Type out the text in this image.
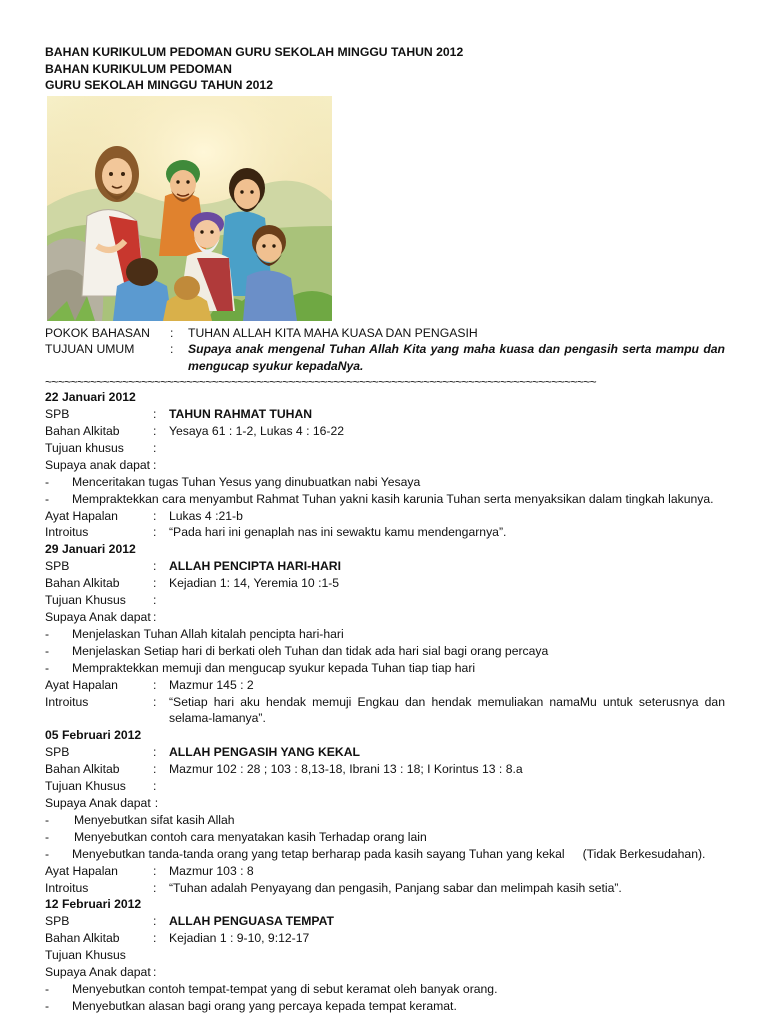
BAHAN KURIKULUM PEDOMAN GURU SEKOLAH MINGGU TAHUN 2012
BAHAN KURIKULUM PEDOMAN
GURU SEKOLAH MINGGU TAHUN 2012
POKOK BAHASAN	:	TUHAN ALLAH KITA MAHA KUASA DAN PENGASIH
TUJUAN UMUM	:	Supaya anak mengenal Tuhan Allah Kita yang maha kuasa dan pengasih serta mampu dan mengucap syukur kepadaNya.
~~~~~~~~~~~~~~~~~~~~~~~~~~~~~~~~~~~~~~~~~~~~~~~~~~~~~~~~~~~~~~~~~~~~~~~~~~~~~~~~~~~~~~
22 Januari 2012
SPB	:	TAHUN RAHMAT TUHAN
Bahan Alkitab	:	Yesaya 61 : 1-2, Lukas 4 : 16-22
Tujuan khusus	:
Supaya anak dapat :
-	Menceritakan tugas Tuhan Yesus yang dinubuatkan nabi Yesaya
-	Mempraktekkan cara menyambut Rahmat Tuhan yakni kasih karunia Tuhan serta menyaksikan dalam tingkah lakunya.
Ayat Hapalan	:	Lukas 4 :21-b
Introitus	:	“Pada hari ini genaplah nas ini sewaktu kamu mendengarnya”.
29 Januari 2012
SPB	:	ALLAH PENCIPTA HARI-HARI
Bahan Alkitab	:	Kejadian 1: 14, Yeremia 10 :1-5
Tujuan Khusus	:
Supaya Anak dapat :
-	Menjelaskan Tuhan Allah kitalah pencipta hari-hari
-	Menjelaskan Setiap hari di berkati oleh Tuhan dan tidak ada hari sial bagi orang percaya
-	Mempraktekkan memuji dan mengucap syukur kepada Tuhan tiap tiap hari
Ayat Hapalan	:	Mazmur 145 : 2
Introitus	:	“Setiap hari aku hendak memuji Engkau dan hendak memuliakan namaMu untuk seterusnya dan selama-lamanya”.
05 Februari 2012
SPB	:	ALLAH PENGASIH YANG KEKAL
Bahan Alkitab	:	Mazmur 102 : 28 ; 103 : 8,13-18, Ibrani 13 : 18; I Korintus 13 : 8.a
Tujuan Khusus	:
Supaya Anak dapat :
-	Menyebutkan sifat kasih Allah
-	Menyebutkan contoh cara menyatakan kasih Terhadap orang lain
-	Menyebutkan tanda-tanda orang yang tetap berharap pada kasih sayang Tuhan yang kekal (Tidak Berkesudahan).
Ayat Hapalan	:	Mazmur 103 : 8
Introitus	:	“Tuhan adalah Penyayang dan pengasih, Panjang sabar dan melimpah kasih setia”.
12 Februari 2012
SPB	:	ALLAH PENGUASA TEMPAT
Bahan Alkitab	:	Kejadian 1 : 9-10, 9:12-17
Tujuan Khusus
Supaya Anak dapat :
-	Menyebutkan contoh tempat-tempat yang di sebut keramat oleh banyak orang.
-	Menyebutkan alasan bagi orang yang percaya kepada tempat keramat.
